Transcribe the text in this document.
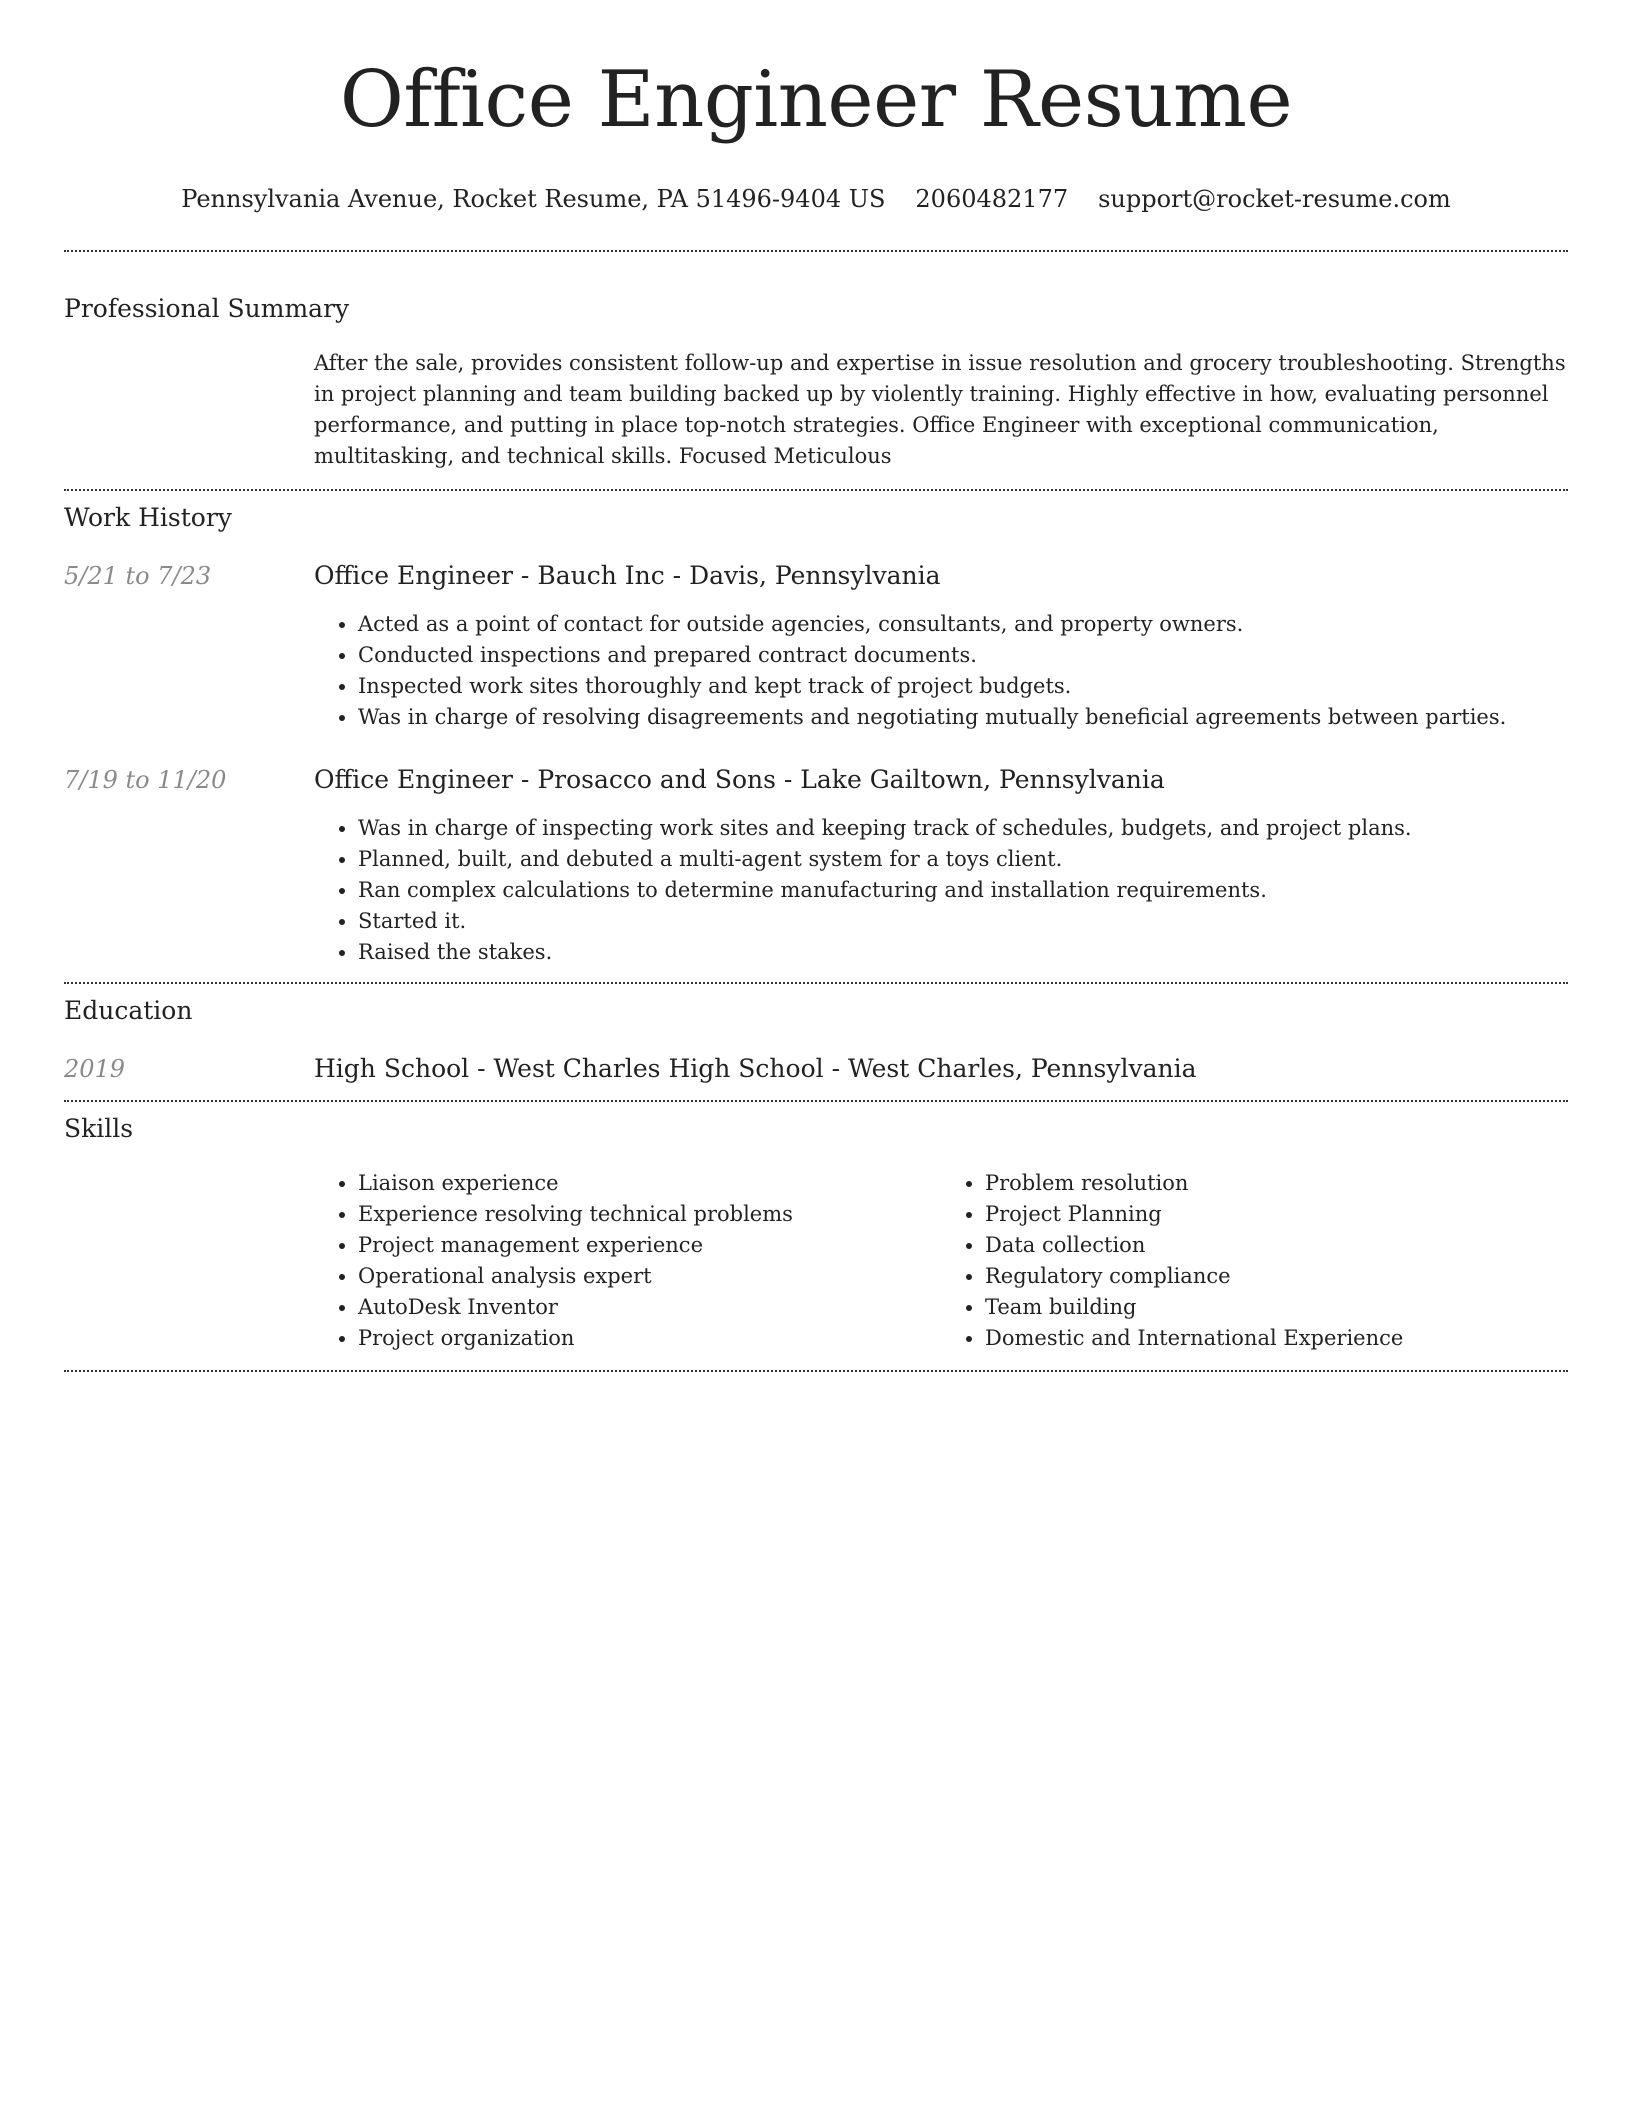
Office Engineer Resume
Pennsylvania Avenue, Rocket Resume, PA 51496-9404 US 2060482177 support@rocket-resume.com
Professional Summary

After the sale, provides consistent follow-up and expertise in issue resolution and grocery troubleshooting. Strengths in project planning and team building backed up by violently training. Highly effective in how, evaluating personnel performance, and putting in place top-notch strategies. Office Engineer with exceptional communication, multitasking, and technical skills. Focused Meticulous

Work History
5/21 to 7/23	Office Engineer - Bauch Inc - Davis, Pennsylvania
• Acted as a point of contact for outside agencies, consultants, and property owners.
• Conducted inspections and prepared contract documents.
• Inspected work sites thoroughly and kept track of project budgets.
• Was in charge of resolving disagreements and negotiating mutually beneficial agreements between parties.
7/19 to 11/20	Office Engineer - Prosacco and Sons - Lake Gailtown, Pennsylvania
• Was in charge of inspecting work sites and keeping track of schedules, budgets, and project plans.
• Planned, built, and debuted a multi-agent system for a toys client.
• Ran complex calculations to determine manufacturing and installation requirements.
• Started it.
• Raised the stakes.
Education
2019	High School - West Charles High School - West Charles, Pennsylvania
Skills
• Liaison experience
• Experience resolving technical problems
• Project management experience
• Operational analysis expert
• AutoDesk Inventor
• Project organization
• Problem resolution
• Project Planning
• Data collection
• Regulatory compliance
• Team building
• Domestic and International Experience
